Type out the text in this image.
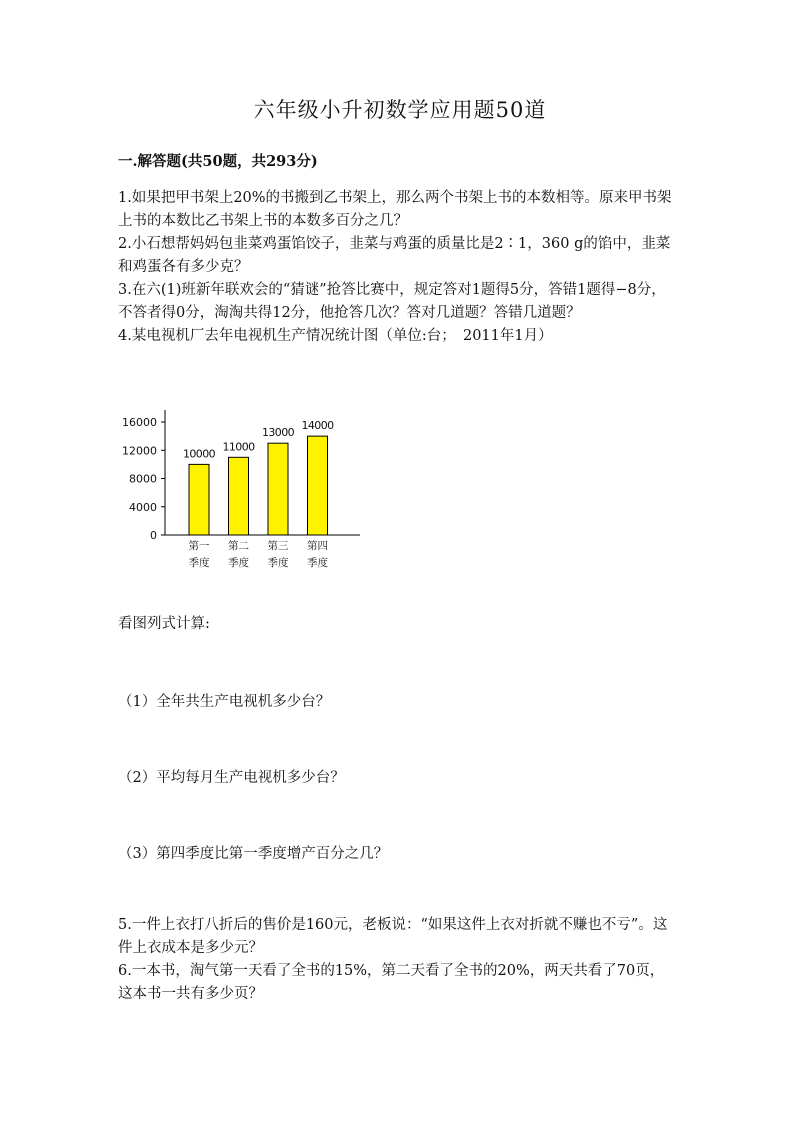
六年级小升初数学应用题50道
一.解答题(共50题，共293分)

1.如果把甲书架上20%的书搬到乙书架上，那么两个书架上书的本数相等。原来甲书架上书的本数比乙书架上书的本数多百分之几？

2.小石想帮妈妈包韭菜鸡蛋馅饺子，韭菜与鸡蛋的质量比是2∶1，360 g的馅中，韭菜和鸡蛋各有多少克？

3.在六(1)班新年联欢会的“猜谜”抢答比赛中，规定答对1题得5分，答错1题得−8分，不答者得0分，淘淘共得12分，他抢答几次？答对几道题？答错几道题？

4.某电视机厂去年电视机生产情况统计图（单位:台；　2011年1月）

0
4000
8000
12000
16000
10000
第一
季度
11000
第二
季度
13000
第三
季度
14000
第四
季度
看图列式计算:
（1）全年共生产电视机多少台？
（2）平均每月生产电视机多少台？
（3）第四季度比第一季度增产百分之几？

5.一件上衣打八折后的售价是160元，老板说：“如果这件上衣对折就不赚也不亏”。这件上衣成本是多少元？

6.一本书，淘气第一天看了全书的15%，第二天看了全书的20%，两天共看了70页，这本书一共有多少页？
